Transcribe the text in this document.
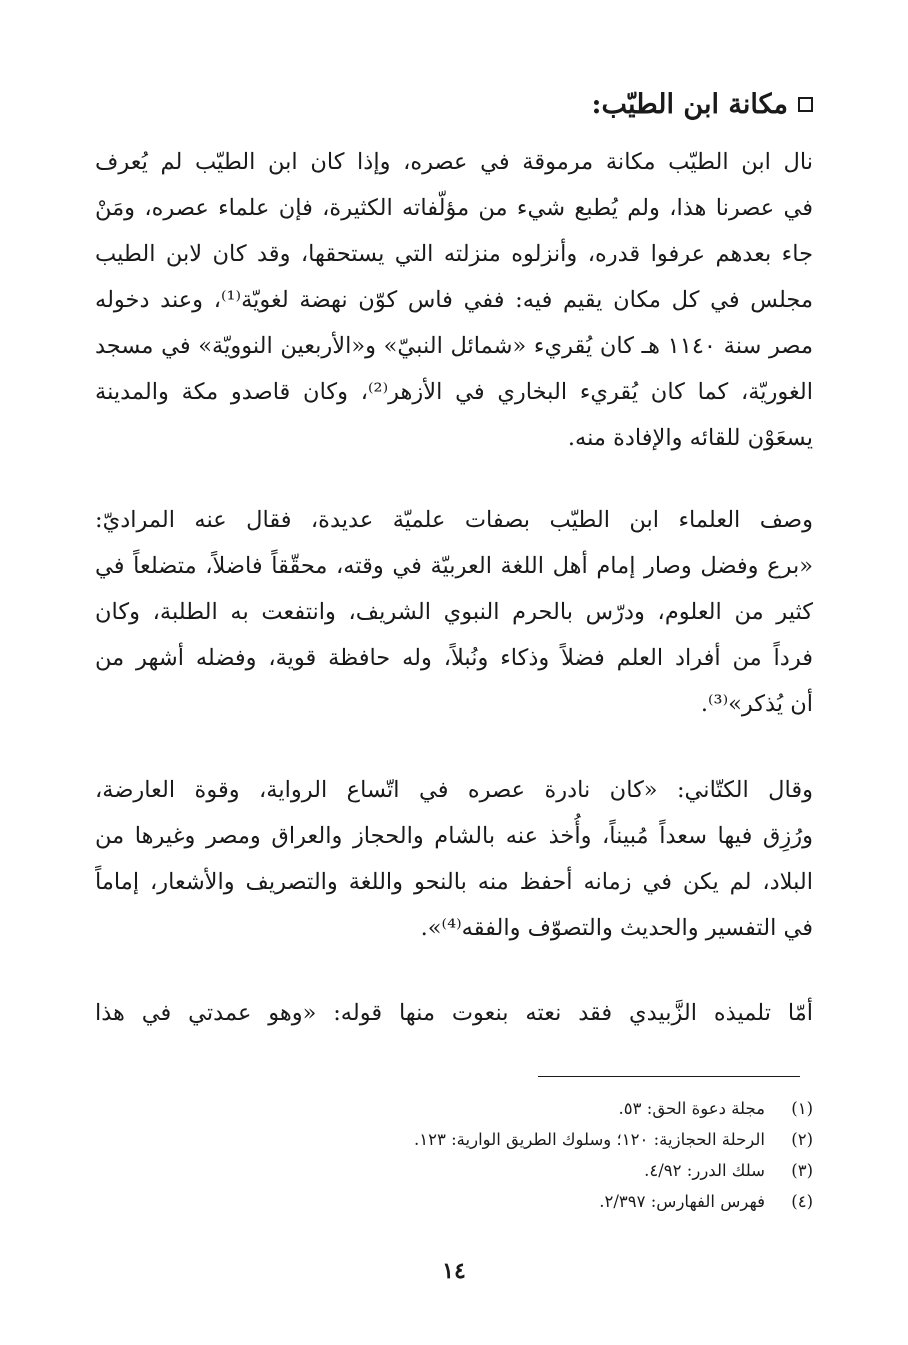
مكانة ابن الطيّب:
نال ابن الطيّب مكانة مرموقة في عصره، وإذا كان ابن الطيّب لم يُعرف
في عصرنا هذا، ولم يُطبع شيء من مؤلّفاته الكثيرة، فإن علماء عصره، ومَنْ
جاء بعدهم عرفوا قدره، وأنزلوه منزلته التي يستحقها، وقد كان لابن الطيب
مجلس في كل مكان يقيم فيه: ففي فاس كوّن نهضة لغويّة⁽¹⁾، وعند دخوله
مصر سنة ١١٤٠ هـ كان يُقريء «شمائل النبيّ» و«الأربعين النوويّة» في مسجد
الغوريّة، كما كان يُقريء البخاري في الأزهر⁽²⁾، وكان قاصدو مكة والمدينة
يسعَوْن للقائه والإفادة منه.
وصف العلماء ابن الطيّب بصفات علميّة عديدة، فقال عنه المراديّ:
«برع وفضل وصار إمام أهل اللغة العربيّة في وقته، محقّقاً فاضلاً، متضلعاً في
كثير من العلوم، ودرّس بالحرم النبوي الشريف، وانتفعت به الطلبة، وكان
فرداً من أفراد العلم فضلاً وذكاء ونُبلاً، وله حافظة قوية، وفضله أشهر من
أن يُذكر»⁽³⁾.
وقال الكتّاني: «كان نادرة عصره في اتّساع الرواية، وقوة العارضة،
ورُزِق فيها سعداً مُبيناً، وأُخذ عنه بالشام والحجاز والعراق ومصر وغيرها من
البلاد، لم يكن في زمانه أحفظ منه بالنحو واللغة والتصريف والأشعار، إماماً
في التفسير والحديث والتصوّف والفقه⁽⁴⁾».
أمّا تلميذه الزَّبيدي فقد نعته بنعوت منها قوله: «وهو عمدتي في هذا
(١)
مجلة دعوة الحق: ٥٣.
(٢)
الرحلة الحجازية: ١٢٠؛ وسلوك الطريق الوارية: ١٢٣.
(٣)
سلك الدرر: ٤/٩٢.
(٤)
فهرس الفهارس: ٢/٣٩٧.
١٤
